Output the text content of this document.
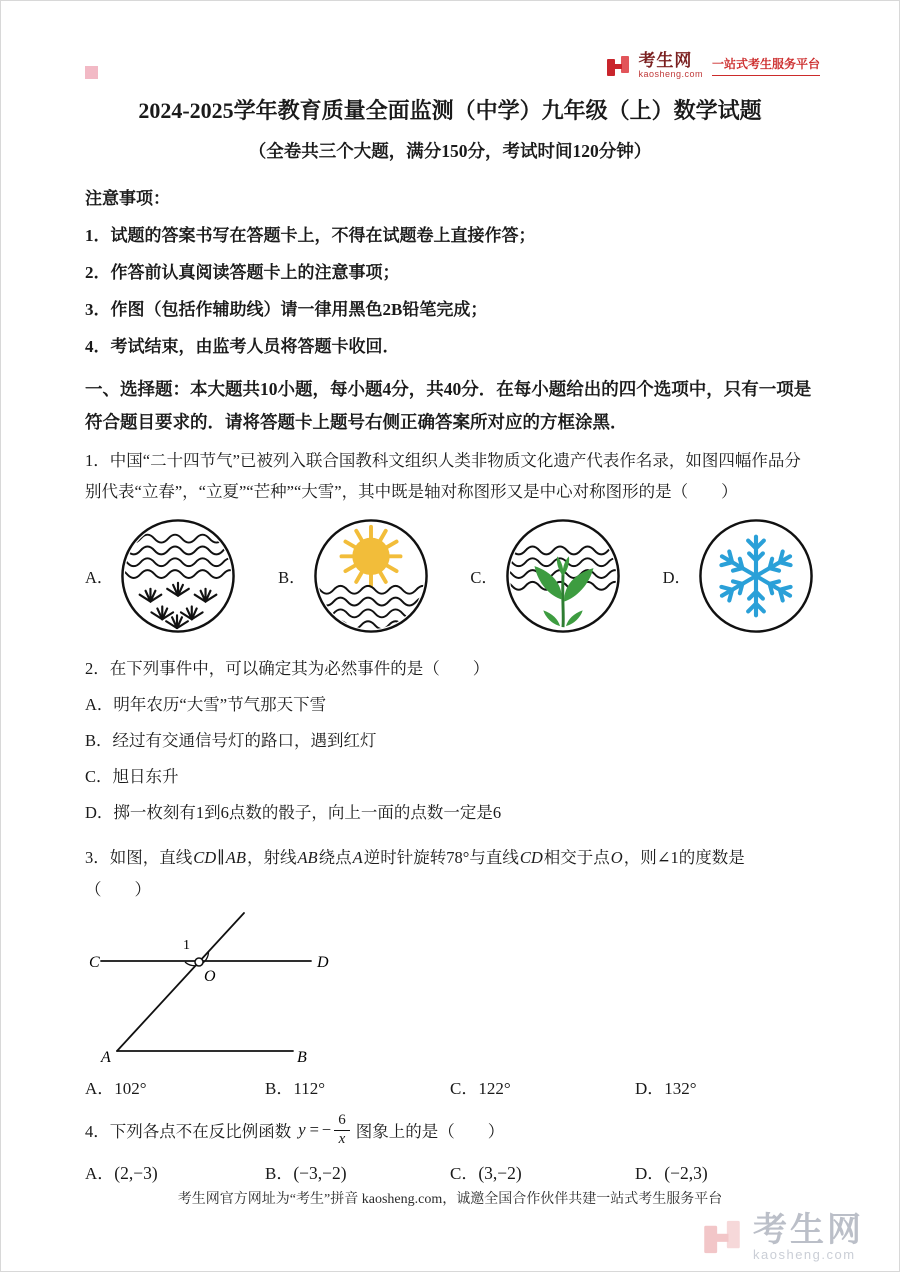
考生网
kaosheng.com
一站式考生服务平台
2024-2025学年教育质量全面监测（中学）九年级（上）数学试题
（全卷共三个大题，满分150分，考试时间120分钟）
注意事项：
1．试题的答案书写在答题卡上，不得在试题卷上直接作答；
2．作答前认真阅读答题卡上的注意事项；
3．作图（包括作辅助线）请一律用黑色2B铅笔完成；
4．考试结束，由监考人员将答题卡收回．
一、选择题：本大题共10小题，每小题4分，共40分．在每小题给出的四个选项中，只有一项是符合题目要求的．请将答题卡上题号右侧正确答案所对应的方框涂黑．
1．中国“二十四节气”已被列入联合国教科文组织人类非物质文化遗产代表作名录，如图四幅作品分别代表“立春”，“立夏”“芒种”“大雪”，其中既是轴对称图形又是中心对称图形的是（　　）
A．	B．	C．	D．
2．在下列事件中，可以确定其为必然事件的是（　　）
A．明年农历“大雪”节气那天下雪
B．经过有交通信号灯的路口，遇到红灯
C．旭日东升
D．掷一枚刻有1到6点数的骰子，向上一面的点数一定是6
3．如图，直线CD∥AB，射线AB绕点A逆时针旋转78°与直线CD相交于点O，则∠1的度数是
（　　）
C	D
O
A	B
1
A．102°	B．112°	C．122°	D．132°
4．下列各点不在反比例函数 y = − $\frac{6}{x}$ 图象上的是（　　）
A．(2,−3)	B．(−3,−2)	C．(3,−2)	D．(−2,3)
考生网官方网址为“考生”拼音 kaosheng.com，诚邀全国合作伙伴共建一站式考生服务平台
考生网
kaosheng.com
